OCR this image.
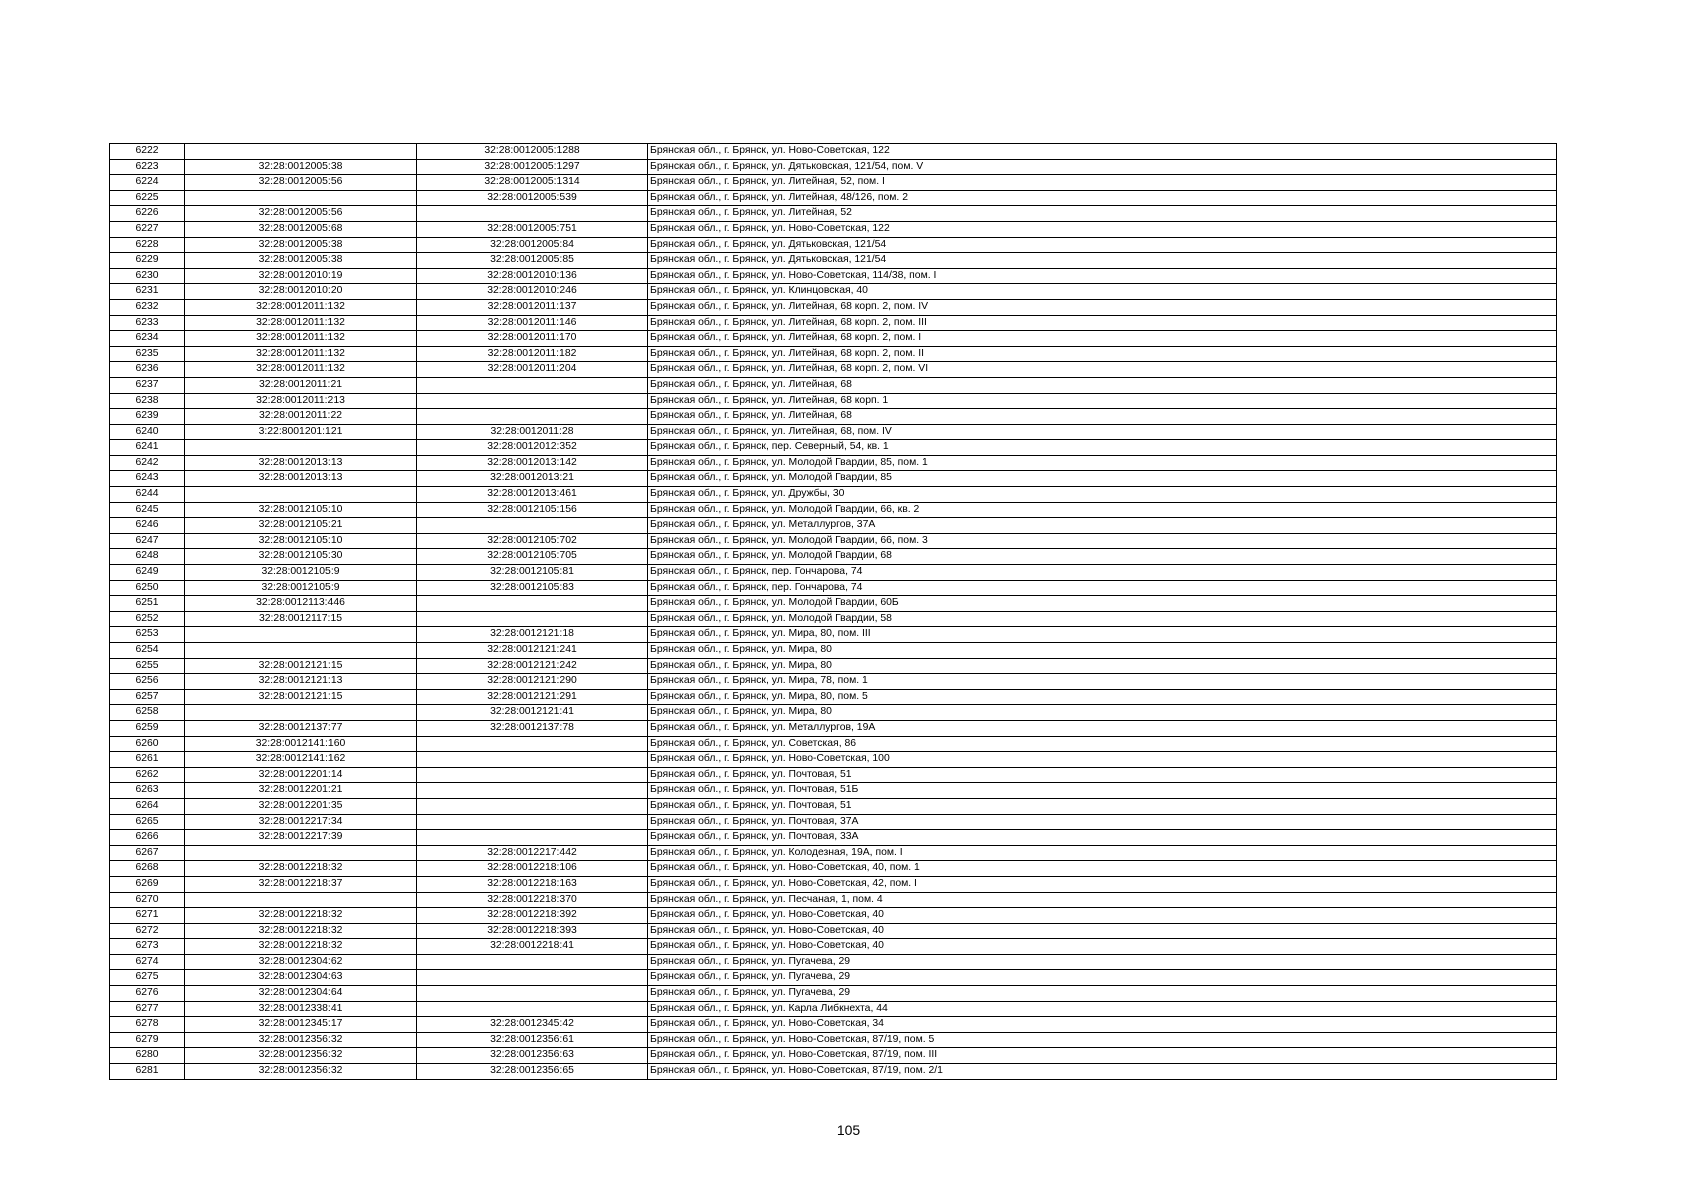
6222		32:28:0012005:1288	Брянская обл., г. Брянск, ул. Ново-Советская, 122
6223	32:28:0012005:38	32:28:0012005:1297	Брянская обл., г. Брянск, ул. Дятьковская, 121/54, пом. V
6224	32:28:0012005:56	32:28:0012005:1314	Брянская обл., г. Брянск, ул. Литейная, 52, пом. I
6225		32:28:0012005:539	Брянская обл., г. Брянск, ул. Литейная, 48/126, пом. 2
6226	32:28:0012005:56		Брянская обл., г. Брянск, ул. Литейная, 52
6227	32:28:0012005:68	32:28:0012005:751	Брянская обл., г. Брянск, ул. Ново-Советская, 122
6228	32:28:0012005:38	32:28:0012005:84	Брянская обл., г. Брянск, ул. Дятьковская, 121/54
6229	32:28:0012005:38	32:28:0012005:85	Брянская обл., г. Брянск, ул. Дятьковская, 121/54
6230	32:28:0012010:19	32:28:0012010:136	Брянская обл., г. Брянск, ул. Ново-Советская, 114/38, пом. I
6231	32:28:0012010:20	32:28:0012010:246	Брянская обл., г. Брянск, ул. Клинцовская, 40
6232	32:28:0012011:132	32:28:0012011:137	Брянская обл., г. Брянск, ул. Литейная, 68 корп. 2, пом. IV
6233	32:28:0012011:132	32:28:0012011:146	Брянская обл., г. Брянск, ул. Литейная, 68 корп. 2, пом. III
6234	32:28:0012011:132	32:28:0012011:170	Брянская обл., г. Брянск, ул. Литейная, 68 корп. 2, пом. I
6235	32:28:0012011:132	32:28:0012011:182	Брянская обл., г. Брянск, ул. Литейная, 68 корп. 2, пом. II
6236	32:28:0012011:132	32:28:0012011:204	Брянская обл., г. Брянск, ул. Литейная, 68 корп. 2, пом. VI
6237	32:28:0012011:21		Брянская обл., г. Брянск, ул. Литейная, 68
6238	32:28:0012011:213		Брянская обл., г. Брянск, ул. Литейная, 68 корп. 1
6239	32:28:0012011:22		Брянская обл., г. Брянск, ул. Литейная, 68
6240	3:22:8001201:121	32:28:0012011:28	Брянская обл., г. Брянск, ул. Литейная, 68, пом. IV
6241		32:28:0012012:352	Брянская обл., г. Брянск, пер. Северный, 54, кв. 1
6242	32:28:0012013:13	32:28:0012013:142	Брянская обл., г. Брянск, ул. Молодой Гвардии, 85, пом. 1
6243	32:28:0012013:13	32:28:0012013:21	Брянская обл., г. Брянск, ул. Молодой Гвардии, 85
6244		32:28:0012013:461	Брянская обл., г. Брянск, ул. Дружбы, 30
6245	32:28:0012105:10	32:28:0012105:156	Брянская обл., г. Брянск, ул. Молодой Гвардии, 66, кв. 2
6246	32:28:0012105:21		Брянская обл., г. Брянск, ул. Металлургов, 37А
6247	32:28:0012105:10	32:28:0012105:702	Брянская обл., г. Брянск, ул. Молодой Гвардии, 66, пом. 3
6248	32:28:0012105:30	32:28:0012105:705	Брянская обл., г. Брянск, ул. Молодой Гвардии, 68
6249	32:28:0012105:9	32:28:0012105:81	Брянская обл., г. Брянск, пер. Гончарова, 74
6250	32:28:0012105:9	32:28:0012105:83	Брянская обл., г. Брянск, пер. Гончарова, 74
6251	32:28:0012113:446		Брянская обл., г. Брянск, ул. Молодой Гвардии, 60Б
6252	32:28:0012117:15		Брянская обл., г. Брянск, ул. Молодой Гвардии, 58
6253		32:28:0012121:18	Брянская обл., г. Брянск, ул. Мира, 80, пом. III
6254		32:28:0012121:241	Брянская обл., г. Брянск, ул. Мира, 80
6255	32:28:0012121:15	32:28:0012121:242	Брянская обл., г. Брянск, ул. Мира, 80
6256	32:28:0012121:13	32:28:0012121:290	Брянская обл., г. Брянск, ул. Мира, 78, пом. 1
6257	32:28:0012121:15	32:28:0012121:291	Брянская обл., г. Брянск, ул. Мира, 80, пом. 5
6258		32:28:0012121:41	Брянская обл., г. Брянск, ул. Мира, 80
6259	32:28:0012137:77	32:28:0012137:78	Брянская обл., г. Брянск, ул. Металлургов, 19А
6260	32:28:0012141:160		Брянская обл., г. Брянск, ул. Советская, 86
6261	32:28:0012141:162		Брянская обл., г. Брянск, ул. Ново-Советская, 100
6262	32:28:0012201:14		Брянская обл., г. Брянск, ул. Почтовая, 51
6263	32:28:0012201:21		Брянская обл., г. Брянск, ул. Почтовая, 51Б
6264	32:28:0012201:35		Брянская обл., г. Брянск, ул. Почтовая, 51
6265	32:28:0012217:34		Брянская обл., г. Брянск, ул. Почтовая, 37А
6266	32:28:0012217:39		Брянская обл., г. Брянск, ул. Почтовая, 33А
6267		32:28:0012217:442	Брянская обл., г. Брянск, ул. Колодезная, 19А, пом. I
6268	32:28:0012218:32	32:28:0012218:106	Брянская обл., г. Брянск, ул. Ново-Советская, 40, пом. 1
6269	32:28:0012218:37	32:28:0012218:163	Брянская обл., г. Брянск, ул. Ново-Советская, 42, пом. I
6270		32:28:0012218:370	Брянская обл., г. Брянск, ул. Песчаная, 1, пом. 4
6271	32:28:0012218:32	32:28:0012218:392	Брянская обл., г. Брянск, ул. Ново-Советская, 40
6272	32:28:0012218:32	32:28:0012218:393	Брянская обл., г. Брянск, ул. Ново-Советская, 40
6273	32:28:0012218:32	32:28:0012218:41	Брянская обл., г. Брянск, ул. Ново-Советская, 40
6274	32:28:0012304:62		Брянская обл., г. Брянск, ул. Пугачева, 29
6275	32:28:0012304:63		Брянская обл., г. Брянск, ул. Пугачева, 29
6276	32:28:0012304:64		Брянская обл., г. Брянск, ул. Пугачева, 29
6277	32:28:0012338:41		Брянская обл., г. Брянск, ул. Карла Либкнехта, 44
6278	32:28:0012345:17	32:28:0012345:42	Брянская обл., г. Брянск, ул. Ново-Советская, 34
6279	32:28:0012356:32	32:28:0012356:61	Брянская обл., г. Брянск, ул. Ново-Советская, 87/19, пом. 5
6280	32:28:0012356:32	32:28:0012356:63	Брянская обл., г. Брянск, ул. Ново-Советская, 87/19, пом. III
6281	32:28:0012356:32	32:28:0012356:65	Брянская обл., г. Брянск, ул. Ново-Советская, 87/19, пом. 2/1
105
